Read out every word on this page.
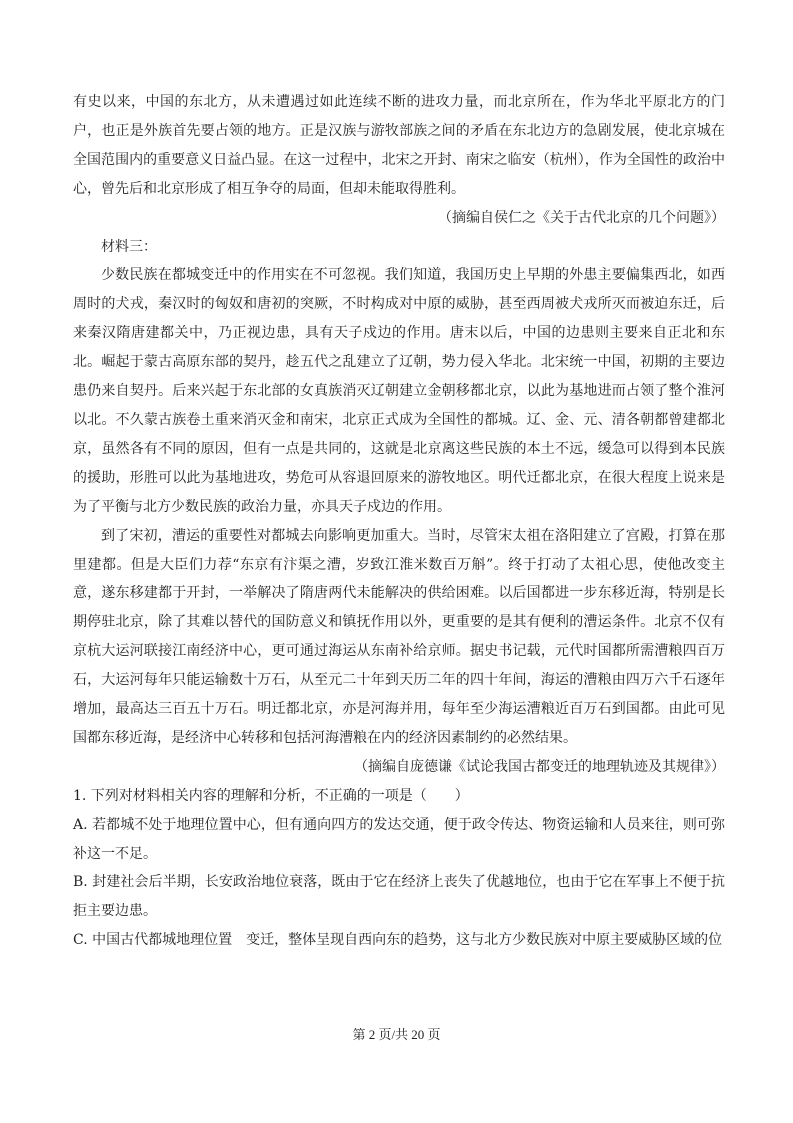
有史以来，中国的东北方，从未遭遇过如此连续不断的进攻力量，而北京所在，作为华北平原北方的门户，也正是外族首先要占领的地方。正是汉族与游牧部族之间的矛盾在东北边方的急剧发展，使北京城在全国范围内的重要意义日益凸显。在这一过程中，北宋之开封、南宋之临安（杭州），作为全国性的政治中心，曾先后和北京形成了相互争夺的局面，但却未能取得胜利。

（摘编自侯仁之《关于古代北京的几个问题》）

材料三：

少数民族在都城变迁中的作用实在不可忽视。我们知道，我国历史上早期的外患主要偏集西北，如西周时的犬戎，秦汉时的匈奴和唐初的突厥，不时构成对中原的威胁，甚至西周被犬戎所灭而被迫东迁，后来秦汉隋唐建都关中，乃正视边患，具有天子戍边的作用。唐末以后，中国的边患则主要来自正北和东北。崛起于蒙古高原东部的契丹，趁五代之乱建立了辽朝，势力侵入华北。北宋统一中国，初期的主要边患仍来自契丹。后来兴起于东北部的女真族消灭辽朝建立金朝移都北京，以此为基地进而占领了整个淮河以北。不久蒙古族卷土重来消灭金和南宋，北京正式成为全国性的都城。辽、金、元、清各朝都曾建都北京，虽然各有不同的原因，但有一点是共同的，这就是北京离这些民族的本土不远，缓急可以得到本民族的援助，形胜可以此为基地进攻，势危可从容退回原来的游牧地区。明代迁都北京，在很大程度上说来是为了平衡与北方少数民族的政治力量，亦具天子戍边的作用。

到了宋初，漕运的重要性对都城去向影响更加重大。当时，尽管宋太祖在洛阳建立了宫殿，打算在那里建都。但是大臣们力荐“东京有汴渠之漕，岁致江淮米数百万斛”。终于打动了太祖心思，使他改变主意，遂东移建都于开封，一举解决了隋唐两代未能解决的供给困难。以后国都进一步东移近海，特别是长期停驻北京，除了其难以替代的国防意义和镇抚作用以外，更重要的是其有便利的漕运条件。北京不仅有京杭大运河联接江南经济中心，更可通过海运从东南补给京师。据史书记载，元代时国都所需漕粮四百万石，大运河每年只能运输数十万石，从至元二十年到天历二年的四十年间，海运的漕粮由四万六千石逐年增加，最高达三百五十万石。明迁都北京，亦是河海并用，每年至少海运漕粮近百万石到国都。由此可见国都东移近海，是经济中心转移和包括河海漕粮在内的经济因素制约的必然结果。

（摘编自庞德谦《试论我国古都变迁的地理轨迹及其规律》）

1. 下列对材料相关内容的理解和分析，不正确的一项是（　　）

A. 若都城不处于地理位置中心，但有通向四方的发达交通，便于政令传达、物资运输和人员来往，则可弥补这一不足。

B. 封建社会后半期，长安政治地位衰落，既由于它在经济上丧失了优越地位，也由于它在军事上不便于抗拒主要边患。

C. 中国古代都城地理位置　变迁，整体呈现自西向东的趋势，这与北方少数民族对中原主要威胁区域的位

第 2 页/共 20 页
